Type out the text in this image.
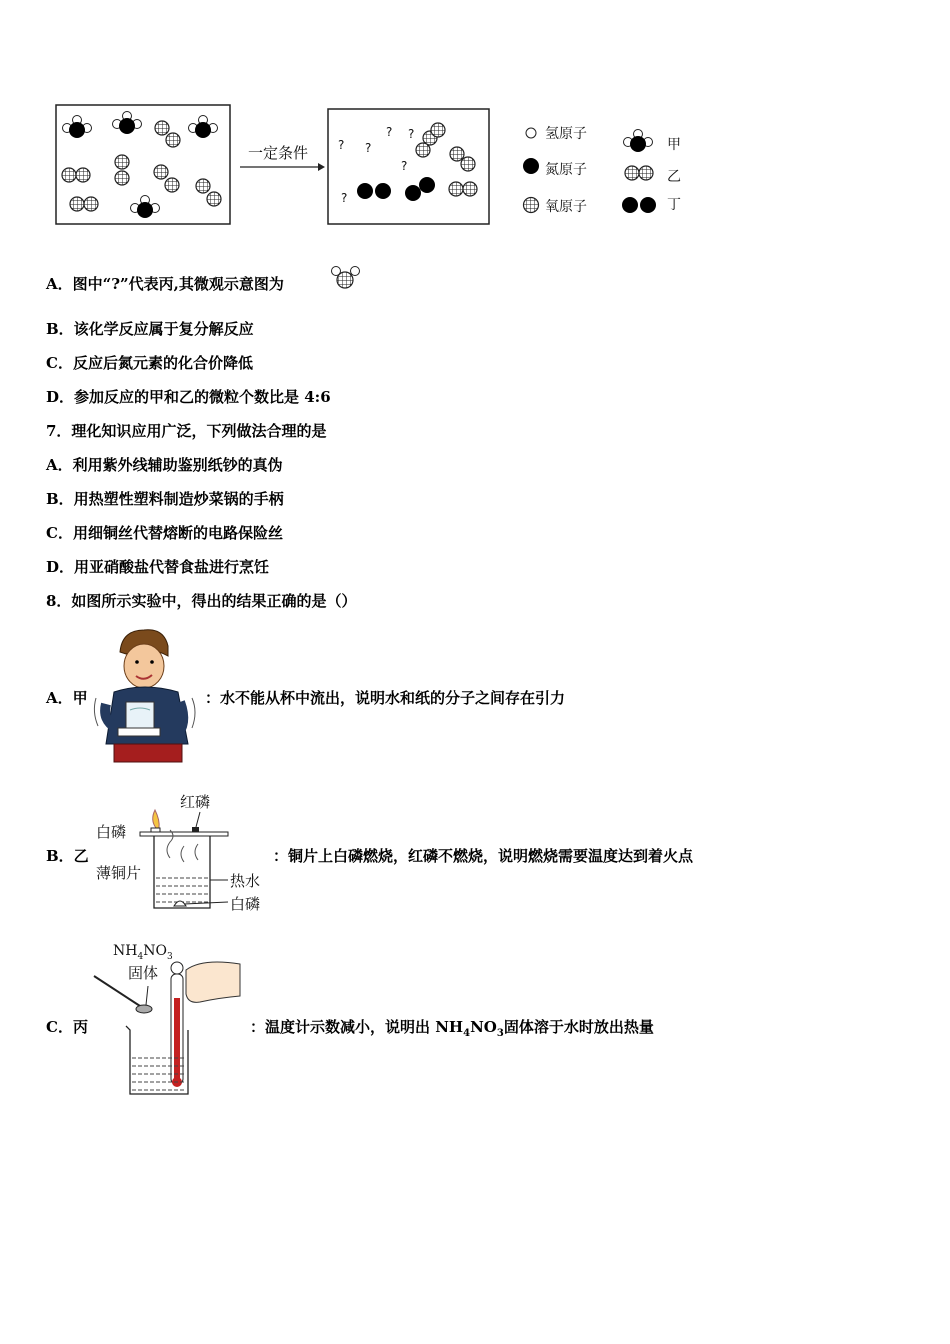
一定条件 ? ?
? ?
?
?
氢原子
氮原子
氧原子
甲
乙
丁
A．图中“?”代表丙,其微观示意图为
B．该化学反应属于复分解反应
C．反应后氮元素的化合价降低
D．参加反应的甲和乙的微粒个数比是 4:6
7．理化知识应用广泛，下列做法合理的是
A．利用紫外线辅助鉴别纸钞的真伪
B．用热塑性塑料制造炒菜锅的手柄
C．用细铜丝代替熔断的电路保险丝
D．用亚硝酸盐代替食盐进行烹饪
8．如图所示实验中，得出的结果正确的是（）
A．甲	：水不能从杯中流出，说明水和纸的分子之间存在引力
B．乙
红磷
白磷
薄铜片	热水
白磷
：铜片上白磷燃烧，红磷不燃烧，说明燃烧需要温度达到着火点
C．丙
$NH_4NO_3$
固体
：温度计示数减小，说明出 $NH_4NO_3$固体溶于水时放出热量
